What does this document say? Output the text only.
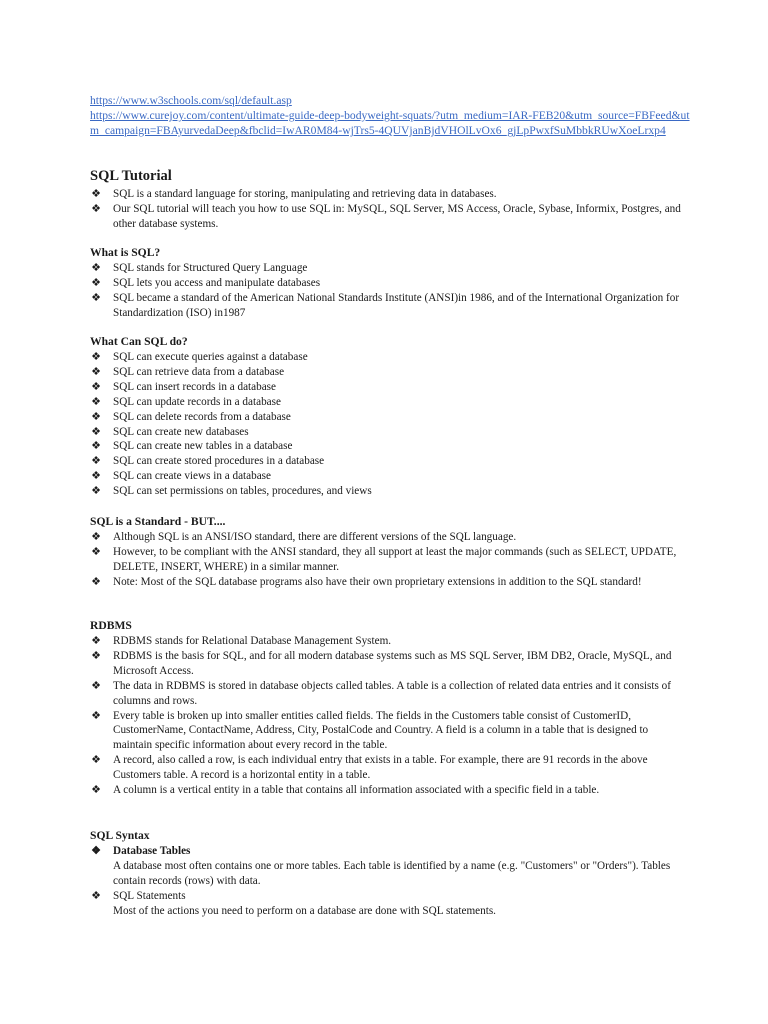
https://www.w3schools.com/sql/default.asp
https://www.curejoy.com/content/ultimate-guide-deep-bodyweight-squats/?utm_medium=IAR-FEB20&utm_source=FBFeed&utm_campaign=FBAyurvedaDeep&fbclid=IwAR0M84-wjTrs5-4QUVjanBjdVHOlLvOx6_gjLpPwxfSuMbbkRUwXoeLrxp4
SQL Tutorial
❖ SQL is a standard language for storing, manipulating and retrieving data in databases.
❖ Our SQL tutorial will teach you how to use SQL in: MySQL, SQL Server, MS Access, Oracle, Sybase, Informix, Postgres, and other database systems.
What is SQL?
❖ SQL stands for Structured Query Language
❖ SQL lets you access and manipulate databases
❖ SQL became a standard of the American National Standards Institute (ANSI)in 1986, and of the International Organization for Standardization (ISO) in1987
What Can SQL do?
❖ SQL can execute queries against a database
❖ SQL can retrieve data from a database
❖ SQL can insert records in a database
❖ SQL can update records in a database
❖ SQL can delete records from a database
❖ SQL can create new databases
❖ SQL can create new tables in a database
❖ SQL can create stored procedures in a database
❖ SQL can create views in a database
❖ SQL can set permissions on tables, procedures, and views
SQL is a Standard - BUT....
❖ Although SQL is an ANSI/ISO standard, there are different versions of the SQL language.
❖ However, to be compliant with the ANSI standard, they all support at least the major commands (such as SELECT, UPDATE, DELETE, INSERT, WHERE) in a similar manner.
❖ Note: Most of the SQL database programs also have their own proprietary extensions in addition to the SQL standard!
RDBMS
❖ RDBMS stands for Relational Database Management System.
❖ RDBMS is the basis for SQL, and for all modern database systems such as MS SQL Server, IBM DB2, Oracle, MySQL, and Microsoft Access.
❖ The data in RDBMS is stored in database objects called tables. A table is a collection of related data entries and it consists of columns and rows.
❖ Every table is broken up into smaller entities called fields. The fields in the Customers table consist of CustomerID, CustomerName, ContactName, Address, City, PostalCode and Country. A field is a column in a table that is designed to maintain specific information about every record in the table.
❖ A record, also called a row, is each individual entry that exists in a table. For example, there are 91 records in the above Customers table. A record is a horizontal entity in a table.
❖ A column is a vertical entity in a table that contains all information associated with a specific field in a table.
SQL Syntax
❖ Database Tables
A database most often contains one or more tables. Each table is identified by a name (e.g. "Customers" or "Orders"). Tables contain records (rows) with data.
❖ SQL Statements
Most of the actions you need to perform on a database are done with SQL statements.
